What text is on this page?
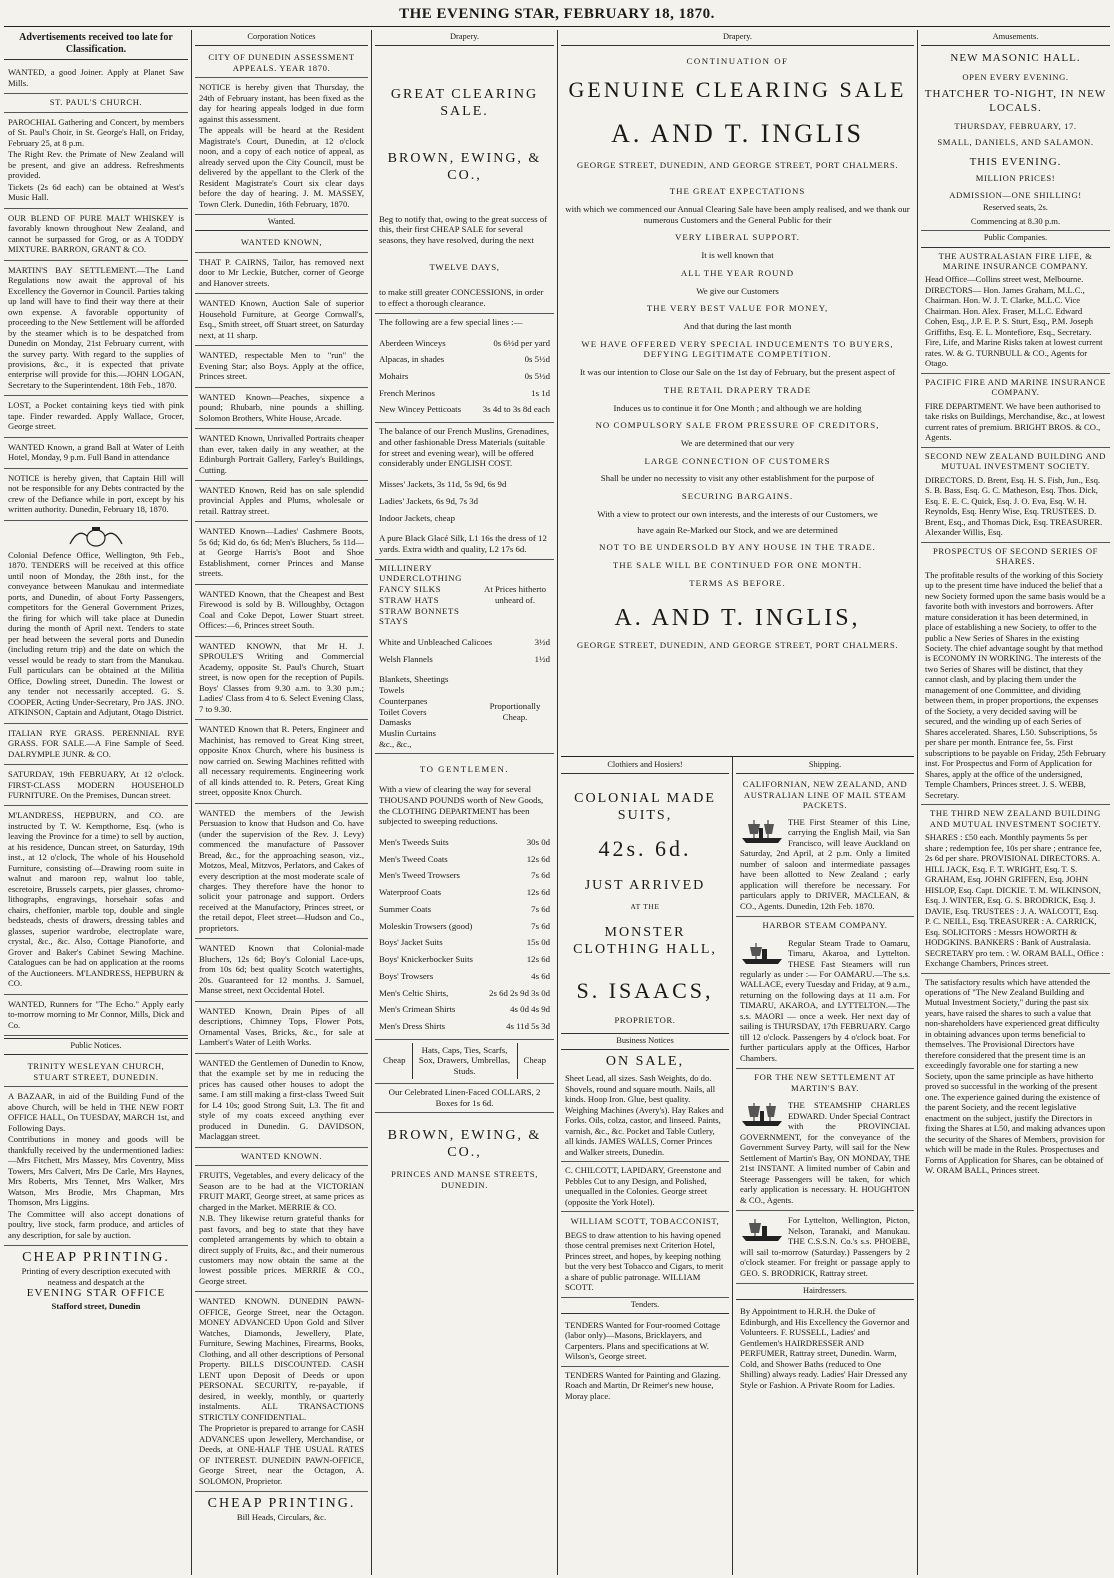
THE EVENING STAR, FEBRUARY 18, 1870.
Advertisements received too late for Classification.

WANTED, a good Joiner. Apply at Planet Saw Mills.

ST. PAUL'S CHURCH.

PAROCHIAL Gathering and Concert, by members of St. Paul's Choir, in St. George's Hall, on Friday, February 25, at 8 p.m.

The Right Rev. the Primate of New Zealand will be present, and give an address. Refreshments provided.

Tickets (2s 6d each) can be obtained at West's Music Hall.

OUR BLEND OF PURE MALT WHISKEY is favorably known throughout New Zealand, and cannot be surpassed for Grog, or as A TODDY MIXTURE. BARRON, GRANT & CO.

MARTIN'S BAY SETTLEMENT.—The Land Regulations now await the approval of his Excellency the Governor in Council. Parties taking up land will have to find their way there at their own expense. A favorable opportunity of proceeding to the New Settlement will be afforded by the steamer which is to be despatched from Dunedin on Monday, 21st February current, with the survey party. With regard to the supplies of provisions, &c., it is expected that private enterprise will provide for this.—JOHN LOGAN, Secretary to the Superintendent. 18th Feb., 1870.

LOST, a Pocket containing keys tied with pink tape. Finder rewarded. Apply Wallace, Grocer, George street.

WANTED Known, a grand Ball at Water of Leith Hotel, Monday, 9 p.m. Full Band in attendance

NOTICE is hereby given, that Captain Hill will not be responsible for any Debts contracted by the crew of the Defiance while in port, except by his written authority. Dunedin, February 18, 1870.

Colonial Defence Office, Wellington, 9th Feb., 1870. TENDERS will be received at this office until noon of Monday, the 28th inst., for the conveyance between Manukau and intermediate ports, and Dunedin, of about Forty Passengers, competitors for the General Government Prizes, the firing for which will take place at Dunedin during the month of April next. Tenders to state per head between the several ports and Dunedin (including return trip) and the date on which the vessel would be ready to start from the Manukau. Full particulars can be obtained at the Militia Office, Dowling street, Dunedin. The lowest or any tender not necessarily accepted. G. S. COOPER, Acting Under-Secretary, Pro JAS. JNO. ATKINSON, Captain and Adjutant, Otago District.

ITALIAN RYE GRASS. PERENNIAL RYE GRASS. FOR SALE.—A Fine Sample of Seed. DALRYMPLE JUNR. & CO.

SATURDAY, 19th FEBRUARY, At 12 o'clock. FIRST-CLASS MODERN HOUSEHOLD FURNITURE. On the Premises, Duncan street.

M'LANDRESS, HEPBURN, and CO. are instructed by T. W. Kempthorne, Esq. (who is leaving the Province for a time) to sell by auction, at his residence, Duncan street, on Saturday, 19th inst., at 12 o'clock, The whole of his Household Furniture, consisting of—Drawing room suite in walnut and maroon rep, walnut loo table, escretoire, Brussels carpets, pier glasses, chromo-lithographs, engravings, horsehair sofas and chairs, cheffonier, marble top, double and single bedsteads, chests of drawers, dressing tables and glasses, superior wardrobe, electroplate ware, crystal, &c., &c. Also, Cottage Pianoforte, and Grover and Baker's Cabinet Sewing Machine. Catalogues can be had on application at the rooms of the Auctioneers. M'LANDRESS, HEPBURN & CO.

WANTED, Runners for "The Echo." Apply early to-morrow morning to Mr Connor, Mills, Dick and Co.

Public Notices.
TRINITY WESLEYAN CHURCH, STUART STREET, DUNEDIN.

A BAZAAR, in aid of the Building Fund of the above Church, will be held in THE NEW FORT OFFICE HALL, On TUESDAY, MARCH 1st, and Following Days.

Contributions in money and goods will be thankfully received by the undermentioned ladies:—Mrs Fitchett, Mrs Massey, Mrs Coventry, Miss Towers, Mrs Calvert, Mrs De Carle, Mrs Haynes, Mrs Roberts, Mrs Tennet, Mrs Walker, Mrs Watson, Mrs Brodie, Mrs Chapman, Mrs Thomson, Mrs Liggins.

The Committee will also accept donations of poultry, live stock, farm produce, and articles of any description, for sale by auction.

CHEAP PRINTING.
Printing of every description executed with neatness and despatch at the
EVENING STAR OFFICE
Stafford street, Dunedin
Corporation Notices
CITY OF DUNEDIN ASSESSMENT APPEALS. YEAR 1870.

NOTICE is hereby given that Thursday, the 24th of February instant, has been fixed as the day for hearing appeals lodged in due form against this assessment.

The appeals will be heard at the Resident Magistrate's Court, Dunedin, at 12 o'clock noon, and a copy of each notice of appeal, as already served upon the City Council, must be delivered by the appellant to the Clerk of the Resident Magistrate's Court six clear days before the day of hearing. J. M. MASSEY, Town Clerk. Dunedin, 16th February, 1870.

Wanted.
WANTED KNOWN,

THAT P. CAIRNS, Tailor, has removed next door to Mr Leckie, Butcher, corner of George and Hanover streets.

WANTED Known, Auction Sale of superior Household Furniture, at George Cornwall's, Esq., Smith street, off Stuart street, on Saturday next, at 11 sharp.

WANTED, respectable Men to "run" the Evening Star; also Boys. Apply at the office, Princes street.

WANTED Known—Peaches, sixpence a pound; Rhubarb, nine pounds a shilling. Solomon Brothers, White House, Arcade.

WANTED Known, Unrivalled Portraits cheaper than ever, taken daily in any weather, at the Edinburgh Portrait Gallery, Farley's Buildings, Cutting.

WANTED Known, Reid has on sale splendid provincial Apples and Plums, wholesale or retail. Rattray street.

WANTED Known—Ladies' Cashmere Boots, 5s 6d; Kid do, 6s 6d; Men's Bluchers, 5s 11d—at George Harris's Boot and Shoe Establishment, corner Princes and Manse streets.

WANTED Known, that the Cheapest and Best Firewood is sold by B. Willoughby, Octagon Coal and Coke Depot, Lower Stuart street. Offices:—6, Princes street South.

WANTED KNOWN, that Mr H. J. SPROULE'S Writing and Commercial Academy, opposite St. Paul's Church, Stuart street, is now open for the reception of Pupils. Boys' Classes from 9.30 a.m. to 3.30 p.m.; Ladies' Class from 4 to 6. Select Evening Class, 7 to 9.30.

WANTED Known that R. Peters, Engineer and Machinist, has removed to Great King street, opposite Knox Church, where his business is now carried on. Sewing Machines refitted with all necessary requirements. Engineering work of all kinds attended to. R. Peters, Great King street, opposite Knox Church.

WANTED the members of the Jewish Persuasion to know that Hudson and Co. have (under the supervision of the Rev. J. Levy) commenced the manufacture of Passover Bread, &c., for the approaching season, viz., Motzos, Meal, Mitzvos, Perlators, and Cakes of every description at the most moderate scale of charges. They therefore have the honor to solicit your patronage and support. Orders received at the Manufactory, Princes street, or the retail depot, Fleet street—Hudson and Co., proprietors.

WANTED Known that Colonial-made Bluchers, 12s 6d; Boy's Colonial Lace-ups, from 10s 6d; best quality Scotch watertights, 20s. Guaranteed for 12 months. J. Samuel, Manse street, next Occidental Hotel.

WANTED Known, Drain Pipes of all descriptions, Chimney Tops, Flower Pots, Ornamental Vases, Bricks, &c., for sale at Lambert's Water of Leith Works.

WANTED the Gentlemen of Dunedin to Know, that the example set by me in reducing the prices has caused other houses to adopt the same. I am still making a first-class Tweed Suit for L4 10s; good Strong Suit, L3. The fit and style of my coats exceed anything ever produced in Dunedin. G. DAVIDSON, Maclaggan street.

WANTED KNOWN.

FRUITS, Vegetables, and every delicacy of the Season are to be had at the VICTORIAN FRUIT MART, George street, at same prices as charged in the Market. MERRIE & CO.

N.B. They likewise return grateful thanks for past favors, and beg to state that they have completed arrangements by which to obtain a direct supply of Fruits, &c., and their numerous customers may now obtain the same at the lowest possible prices. MERRIE & CO., George street.

WANTED KNOWN. DUNEDIN PAWN-OFFICE, George Street, near the Octagon. MONEY ADVANCED Upon Gold and Silver Watches, Diamonds, Jewellery, Plate, Furniture, Sewing Machines, Firearms, Books, Clothing, and all other descriptions of Personal Property. BILLS DISCOUNTED. CASH LENT upon Deposit of Deeds or upon PERSONAL SECURITY, re-payable, if desired, in weekly, monthly, or quarterly instalments. ALL TRANSACTIONS STRICTLY CONFIDENTIAL.

The Proprietor is prepared to arrange for CASH ADVANCES upon Jewellery, Merchandise, or Deeds, at ONE-HALF THE USUAL RATES OF INTEREST. DUNEDIN PAWN-OFFICE, George Street, near the Octagon, A. SOLOMON, Proprietor.

CHEAP PRINTING.
Bill Heads, Circulars, &c.
Drapery.
GREAT CLEARING SALE.
BROWN, EWING, & CO.,
Beg to notify that, owing to the great success of this, their first CHEAP SALE for several seasons, they have resolved, during the next
TWELVE DAYS,
to make still greater CONCESSIONS, in order to effect a thorough clearance.
The following are a few special lines :—
Aberdeen Winceys	0s 6½d per yard
Alpacas, in shades	0s 5½d
Mohairs	0s 5½d
French Merinos	1s 1d
New Wincey Petticoats 3s 4d to 3s 8d each
The balance of our French Muslins, Grenadines, and other fashionable Dress Materials (suitable for street and evening wear), will be offered considerably under ENGLISH COST.
Misses' Jackets, 3s 11d, 5s 9d, 6s 9d
Ladies' Jackets, 6s 9d, 7s 3d
Indoor Jackets, cheap
A pure Black Glacé Silk, L1 16s the dress of 12 yards. Extra width and quality, L2 17s 6d.
MILLINERY
UNDERCLOTHING
FANCY SILKS
STRAW HATS
STRAW BONNETS
STAYS
At Prices hitherto unheard of.
White and Unbleached Calicoes	3½d
Welsh Flannels	1½d
Blankets, Sheetings
Towels
Counterpanes
Toilet Covers
Damasks
Muslin Curtains
&c., &c.,
Proportionally Cheap.
TO GENTLEMEN.
With a view of clearing the way for several THOUSAND POUNDS worth of New Goods, the CLOTHING DEPARTMENT has been subjected to sweeping reductions.
Men's Tweeds Suits	30s 0d
Men's Tweed Coats	12s 6d
Men's Tweed Trowsers	7s 6d
Waterproof Coats	12s 6d
Summer Coats	7s 6d
Moleskin Trowsers (good)	7s 6d
Boys' Jacket Suits	15s 0d
Boys' Knickerbocker Suits	12s 6d
Boys' Trowsers	4s 6d
Men's Celtic Shirts,	2s 6d 2s 9d 3s 0d
Men's Crimean Shirts	4s 0d 4s 9d
Men's Dress Shirts	4s 11d 5s 3d
Cheap
Hats, Caps, Ties, Scarfs, Sox, Drawers, Umbrellas, Studs.
Cheap
Our Celebrated Linen-Faced COLLARS, 2 Boxes for 1s 6d.
BROWN, EWING, & CO.,
PRINCES AND MANSE STREETS, DUNEDIN.
Drapery.
CONTINUATION OF
GENUINE CLEARING SALE
A. AND T. INGLIS
GEORGE STREET, DUNEDIN, AND GEORGE STREET, PORT CHALMERS.
THE GREAT EXPECTATIONS
with which we commenced our Annual Clearing Sale have been amply realised, and we thank our numerous Customers and the General Public for their
VERY LIBERAL SUPPORT.
It is well known that
ALL THE YEAR ROUND
We give our Customers
THE VERY BEST VALUE FOR MONEY,
And that during the last month
WE HAVE OFFERED VERY SPECIAL INDUCEMENTS TO BUYERS, DEFYING LEGITIMATE COMPETITION.
It was our intention to Close our Sale on the 1st day of February, but the present aspect of
THE RETAIL DRAPERY TRADE
Induces us to continue it for One Month ; and although we are holding
NO COMPULSORY SALE FROM PRESSURE OF CREDITORS,
We are determined that our very
LARGE CONNECTION OF CUSTOMERS
Shall be under no necessity to visit any other establishment for the purpose of
SECURING BARGAINS.
With a view to protect our own interests, and the interests of our Customers, we
have again Re-Marked our Stock, and we are determined
NOT TO BE UNDERSOLD BY ANY HOUSE IN THE TRADE.
THE SALE WILL BE CONTINUED FOR ONE MONTH.
TERMS AS BEFORE.
A. AND T. INGLIS,
GEORGE STREET, DUNEDIN, AND GEORGE STREET, PORT CHALMERS.
Clothiers and Hosiers!
COLONIAL MADE SUITS,
42s. 6d.
JUST ARRIVED
AT THE
MONSTER CLOTHING HALL,
S. ISAACS,
PROPRIETOR.
Business Notices
ON SALE,
Sheet Lead, all sizes. Sash Weights, do do. Shovels, round and square mouth. Nails, all kinds. Hoop Iron. Glue, best quality. Weighing Machines (Avery's). Hay Rakes and Forks. Oils, colza, castor, and linseed. Paints, varnish, &c., &c. Pocket and Table Cutlery, all kinds. JAMES WALLS, Corner Princes and Walker streets, Dunedin.
C. CHILCOTT, LAPIDARY, Greenstone and Pebbles Cut to any Design, and Polished, unequalled in the Colonies. George street (opposite the York Hotel).
WILLIAM SCOTT, TOBACCONIST,
BEGS to draw attention to his having opened those central premises next Criterion Hotel, Princes street, and hopes, by keeping nothing but the very best Tobacco and Cigars, to merit a share of public patronage. WILLIAM SCOTT.
Tenders.
TENDERS Wanted for Four-roomed Cottage (labor only)—Masons, Bricklayers, and Carpenters. Plans and specifications at W. Wilson's, George street.
TENDERS Wanted for Painting and Glazing. Roach and Martin, Dr Reimer's new house, Moray place.
Shipping.
CALIFORNIAN, NEW ZEALAND, AND AUSTRALIAN LINE OF MAIL STEAM PACKETS.

THE First Steamer of this Line, carrying the English Mail, via San Francisco, will leave Auckland on Saturday, 2nd April, at 2 p.m. Only a limited number of saloon and intermediate passages have been allotted to New Zealand ; early application will therefore be necessary. For particulars apply to DRIVER, MACLEAN, & CO., Agents. Dunedin, 12th Feb. 1870.

HARBOR STEAM COMPANY.

Regular Steam Trade to Oamaru, Timaru, Akaroa, and Lyttelton. THESE Fast Steamers will run regularly as under :— For OAMARU.—The s.s. WALLACE, every Tuesday and Friday, at 9 a.m., returning on the following days at 11 a.m. For TIMARU, AKAROA, and LYTTELTON.—The s.s. MAORI — once a week. Her next day of sailing is THURSDAY, 17th FEBRUARY. Cargo till 12 o'clock. Passengers by 4 o'clock boat. For further particulars apply at the Offices, Harbor Chambers.

FOR THE NEW SETTLEMENT AT MARTIN'S BAY.

THE STEAMSHIP CHARLES EDWARD. Under Special Contract with the PROVINCIAL GOVERNMENT, for the conveyance of the Government Survey Party, will sail for the New Settlement of Martin's Bay, ON MONDAY, THE 21st INSTANT. A limited number of Cabin and Steerage Passengers will be taken, for which early application is necessary. H. HOUGHTON & CO., Agents.

For Lyttelton, Wellington, Picton, Nelson, Taranaki, and Manukau. THE C.S.S.N. Co.'s s.s. PHOEBE, will sail to-morrow (Saturday.) Passengers by 2 o'clock steamer. For freight or passage apply to GEO. S. BRODRICK, Rattray street.

Hairdressers.
By Appointment to H.R.H. the Duke of Edinburgh, and His Excellency the Governor and Volunteers. F. RUSSELL, Ladies' and Gentlemen's HAIRDRESSER AND PERFUMER, Rattray street, Dunedin. Warm, Cold, and Shower Baths (reduced to One Shilling) always ready. Ladies' Hair Dressed any Style or Fashion. A Private Room for Ladies.
Amusements.
NEW MASONIC HALL.
OPEN EVERY EVENING.
THATCHER TO-NIGHT, IN NEW LOCALS.
THURSDAY, FEBRUARY, 17.
SMALL, DANIELS, AND SALAMON.
THIS EVENING.
MILLION PRICES!
ADMISSION—ONE SHILLING!
Reserved seats, 2s.
Commencing at 8.30 p.m.
Public Companies.
THE AUSTRALASIAN FIRE LIFE, & MARINE INSURANCE COMPANY.
Head Office—Collins street west, Melbourne. DIRECTORS— Hon. James Graham, M.L.C., Chairman. Hon. W. J. T. Clarke, M.L.C. Vice Chairman. Hon. Alex. Fraser, M.L.C. Edward Cohen, Esq., J.P. E. P. S. Sturt, Esq., P.M. Joseph Griffiths, Esq. E. L. Montefiore, Esq., Secretary. Fire, Life, and Marine Risks taken at lowest current rates. W. & G. TURNBULL & CO., Agents for Otago.
PACIFIC FIRE AND MARINE INSURANCE COMPANY.
FIRE DEPARTMENT. We have been authorised to take risks on Buildings, Merchandise, &c., at lowest current rates of premium. BRIGHT BROS. & CO., Agents.
SECOND NEW ZEALAND BUILDING AND MUTUAL INVESTMENT SOCIETY.
DIRECTORS. D. Brent, Esq. H. S. Fish, Jun., Esq. S. B. Bass, Esq. G. C. Matheson, Esq. Thos. Dick, Esq. E. E. C. Quick, Esq. J. O. Eva, Esq. W. H. Reynolds, Esq. Henry Wise, Esq. TRUSTEES. D. Brent, Esq., and Thomas Dick, Esq. TREASURER. Alexander Willis, Esq.
PROSPECTUS OF SECOND SERIES OF SHARES.
The profitable results of the working of this Society up to the present time have induced the belief that a new Society formed upon the same basis would be a favorite both with investors and borrowers. After mature consideration it has been determined, in place of establishing a new Society, to offer to the public a New Series of Shares in the existing Society. The chief advantage sought by that method is ECONOMY IN WORKING. The interests of the two Series of Shares will be distinct, that they cannot clash, and by placing them under the management of one Committee, and dividing between them, in proper proportions, the expenses of the Society, a very decided saving will be secured, and the winding up of each Series of Shares accelerated. Shares, L50. Subscriptions, 5s per share per month. Entrance fee, 5s. First subscriptions to be payable on Friday, 25th February inst. For Prospectus and Form of Application for Shares, apply at the office of the undersigned, Temple Chambers, Princes street. J. S. WEBB, Secretary.
THE THIRD NEW ZEALAND BUILDING AND MUTUAL INVESTMENT SOCIETY.
SHARES : £50 each. Monthly payments 5s per share ; redemption fee, 10s per share ; entrance fee, 2s 6d per share. PROVISIONAL DIRECTORS. A. HILL JACK, Esq. F. T. WRIGHT, Esq. T. S. GRAHAM, Esq. JOHN GRIFFEN, Esq. JOHN HISLOP, Esq. Capt. DICKIE. T. M. WILKINSON, Esq. J. WINTER, Esq. G. S. BRODRICK, Esq. J. DAVIE, Esq. TRUSTEES : J. A. WALCOTT, Esq. P. C. NEILL, Esq. TREASURER : A. CARRICK, Esq. SOLICITORS : Messrs HOWORTH & HODGKINS. BANKERS : Bank of Australasia. SECRETARY pro tem. : W. ORAM BALL, Office : Exchange Chambers, Princes street.
The satisfactory results which have attended the operations of "The New Zealand Building and Mutual Investment Society," during the past six years, have raised the shares to such a value that non-shareholders have experienced great difficulty in obtaining advances upon terms beneficial to themselves. The Provisional Directors have therefore considered that the present time is an exceedingly favorable one for starting a new Society, upon the same principle as have hitherto proved so successful in the working of the present one. The experience gained during the existence of the parent Society, and the recent legislative enactment on the subject, justify the Directors in fixing the Shares at L50, and making advances upon the security of the Shares of Members, provision for which will be made in the Rules. Prospectuses and Forms of Application for Shares, can be obtained of W. ORAM BALL, Princes street.
